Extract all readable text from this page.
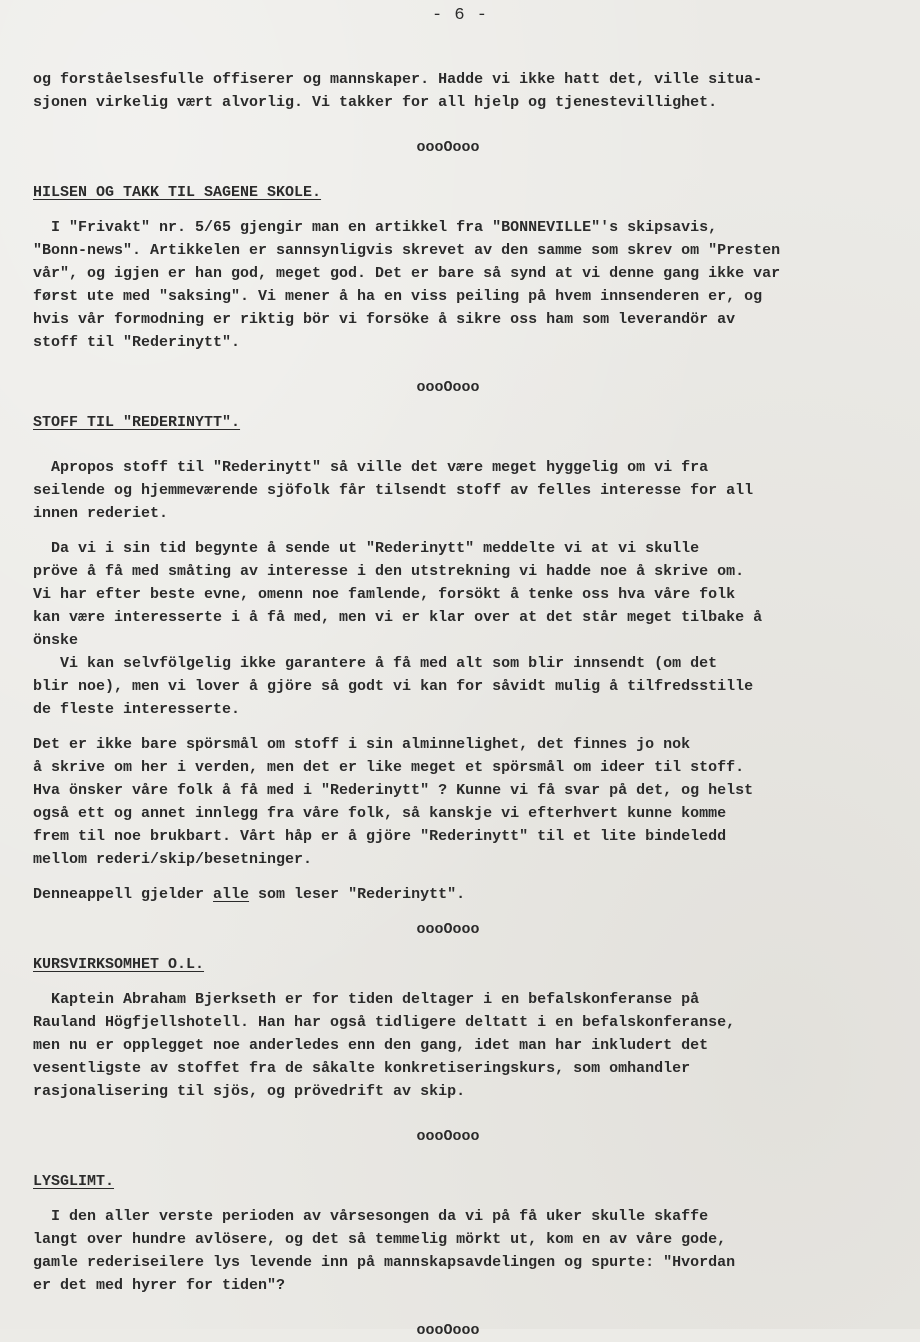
- 6 -
og forståelsesfulle offiserer og mannskaper. Hadde vi ikke hatt det, ville situa-
sjonen virkelig vært alvorlig. Vi takker for all hjelp og tjenestevillighet.
oooOooo
HILSEN OG TAKK TIL SAGENE SKOLE.
I "Frivakt" nr. 5/65 gjengir man en artikkel fra "BONNEVILLE"'s skipsavis,
"Bonn-news". Artikkelen er sannsynligvis skrevet av den samme som skrev om "Presten
vår", og igjen er han god, meget god. Det er bare så synd at vi denne gang ikke var
først ute med "saksing". Vi mener å ha en viss peiling på hvem innsenderen er, og
hvis vår formodning er riktig bör vi forsöke å sikre oss ham som leverandör av
stoff til "Rederinytt".
oooOooo
STOFF TIL "REDERINYTT".
Apropos stoff til "Rederinytt" så ville det være meget hyggelig om vi fra
seilende og hjemmeværende sjöfolk får tilsendt stoff av felles interesse for all
innen rederiet.
Da vi i sin tid begynte å sende ut "Rederinytt" meddelte vi at vi skulle
pröve å få med småting av interesse i den utstrekning vi hadde noe å skrive om.
Vi har efter beste evne, omenn noe famlende, forsökt å tenke oss hva våre folk
kan være interesserte i å få med, men vi er klar over at det står meget tilbake å
önske
Vi kan selvfölgelig ikke garantere å få med alt som blir innsendt (om det
blir noe), men vi lover å gjöre så godt vi kan for såvidt mulig å tilfredsstille
de fleste interesserte.
Det er ikke bare spörsmål om stoff i sin alminnelighet, det finnes jo nok
å skrive om her i verden, men det er like meget et spörsmål om ideer til stoff.
Hva önsker våre folk å få med i "Rederinytt" ? Kunne vi få svar på det, og helst
også ett og annet innlegg fra våre folk, så kanskje vi efterhvert kunne komme
frem til noe brukbart. Vårt håp er å gjöre "Rederinytt" til et lite bindeledd
mellom rederi/skip/besetninger.
Denneappell gjelder alle som leser "Rederinytt".
oooOooo
KURSVIRKSOMHET O.L.
Kaptein Abraham Bjerkseth er for tiden deltager i en befalskonferanse på
Rauland Högfjellshotell. Han har også tidligere deltatt i en befalskonferanse,
men nu er opplegget noe anderledes enn den gang, idet man har inkludert det
vesentligste av stoffet fra de såkalte konkretiseringskurs, som omhandler
rasjonalisering til sjös, og prövedrift av skip.
oooOooo
LYSGLIMT.
I den aller verste perioden av vårsesongen da vi på få uker skulle skaffe
langt over hundre avlösere, og det så temmelig mörkt ut, kom en av våre gode,
gamle rederiseilere lys levende inn på mannskapsavdelingen og spurte: "Hvordan
er det med hyrer for tiden"?
oooOooo
